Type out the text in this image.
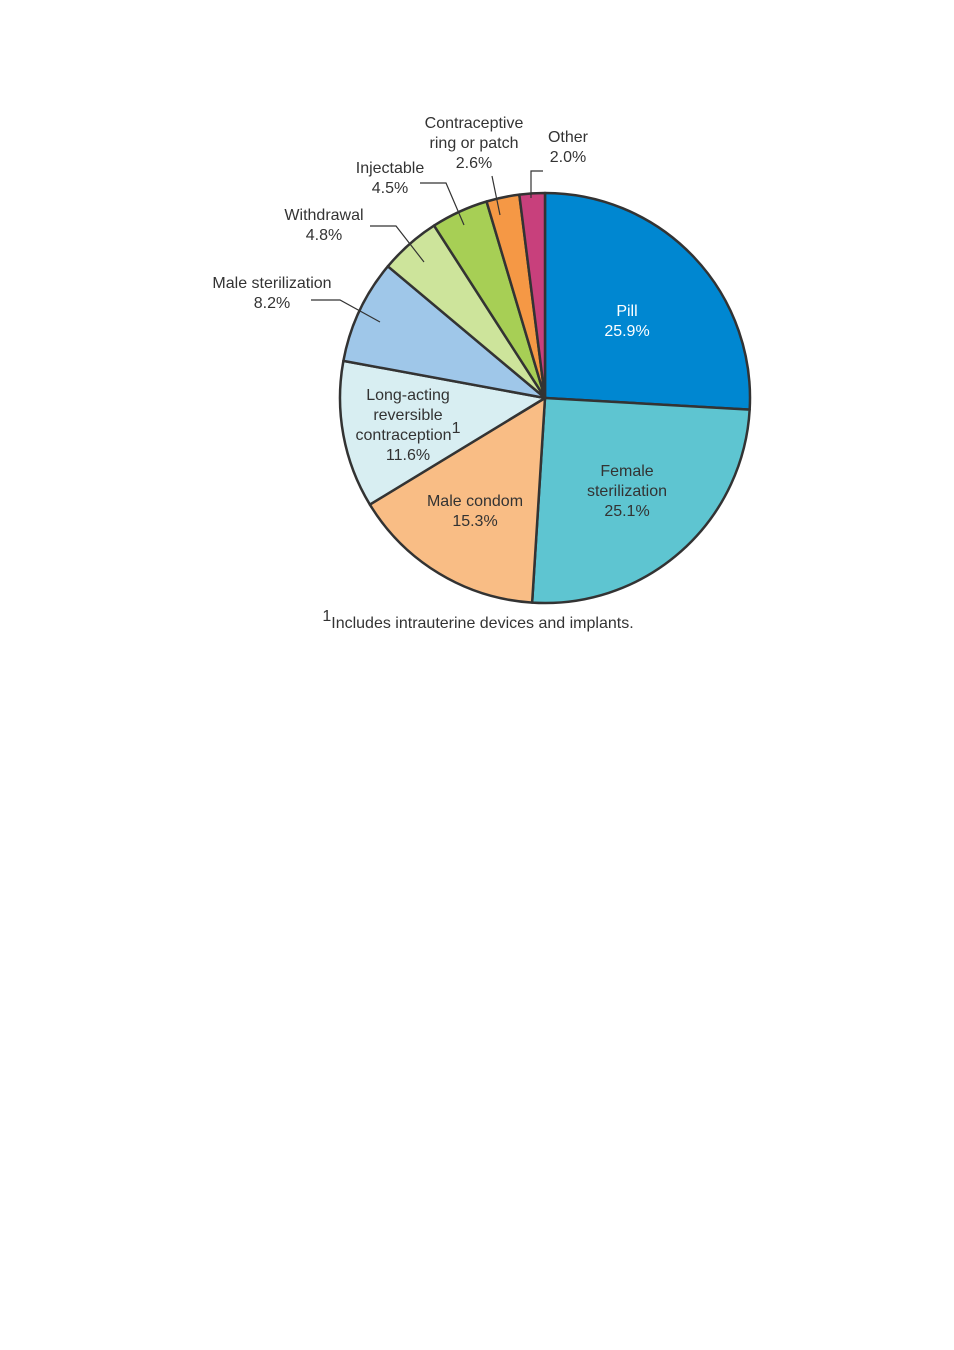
Pill 25.9%
Female sterilization 25.1%
Male condom 15.3%
Long-acting reversible contraception1 11.6%
Male sterilization 8.2%
Withdrawal 4.8%
Injectable 4.5%
Contraceptive ring or patch 2.6%
Other 2.0%
1Includes intrauterine devices and implants.
